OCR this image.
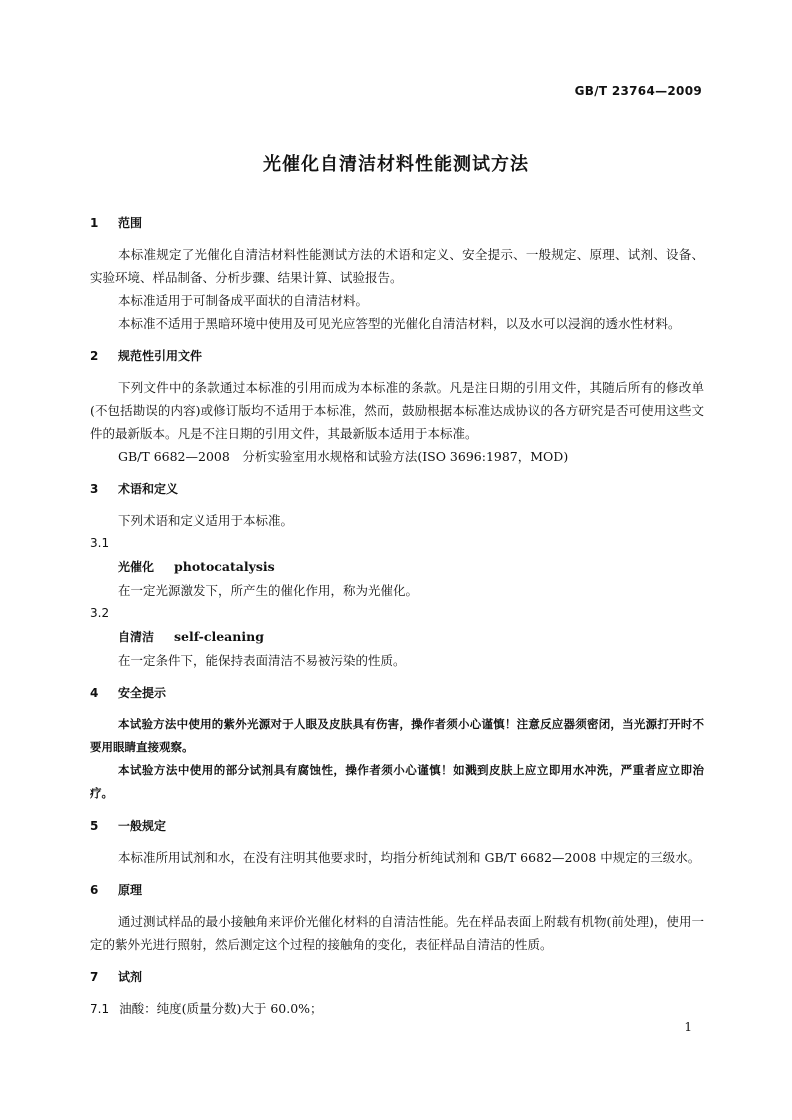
GB/T 23764—2009
光催化自清洁材料性能测试方法
1 范围

本标准规定了光催化自清洁材料性能测试方法的术语和定义、安全提示、一般规定、原理、试剂、设备、实验环境、样品制备、分析步骤、结果计算、试验报告。

本标准适用于可制备成平面状的自清洁材料。

本标准不适用于黑暗环境中使用及可见光应答型的光催化自清洁材料，以及水可以浸润的透水性材料。

2 规范性引用文件

下列文件中的条款通过本标准的引用而成为本标准的条款。凡是注日期的引用文件，其随后所有的修改单(不包括勘误的内容)或修订版均不适用于本标准，然而，鼓励根据本标准达成协议的各方研究是否可使用这些文件的最新版本。凡是不注日期的引用文件，其最新版本适用于本标准。

GB/T 6682—2008　分析实验室用水规格和试验方法(ISO 3696:1987，MOD)

3 术语和定义

下列术语和定义适用于本标准。

3.1

光催化 photocatalysis

在一定光源激发下，所产生的催化作用，称为光催化。

3.2

自清洁 self-cleaning

在一定条件下，能保持表面清洁不易被污染的性质。

4 安全提示

本试验方法中使用的紫外光源对于人眼及皮肤具有伤害，操作者须小心谨慎！注意反应器须密闭，当光源打开时不要用眼睛直接观察。

本试验方法中使用的部分试剂具有腐蚀性，操作者须小心谨慎！如溅到皮肤上应立即用水冲洗，严重者应立即治疗。

5 一般规定

本标准所用试剂和水，在没有注明其他要求时，均指分析纯试剂和 GB/T 6682—2008 中规定的三级水。

6 原理

通过测试样品的最小接触角来评价光催化材料的自清洁性能。先在样品表面上附载有机物(前处理)，使用一定的紫外光进行照射，然后测定这个过程的接触角的变化，表征样品自清洁的性质。

7 试剂

7.1 油酸：纯度(质量分数)大于 60.0%；

1
